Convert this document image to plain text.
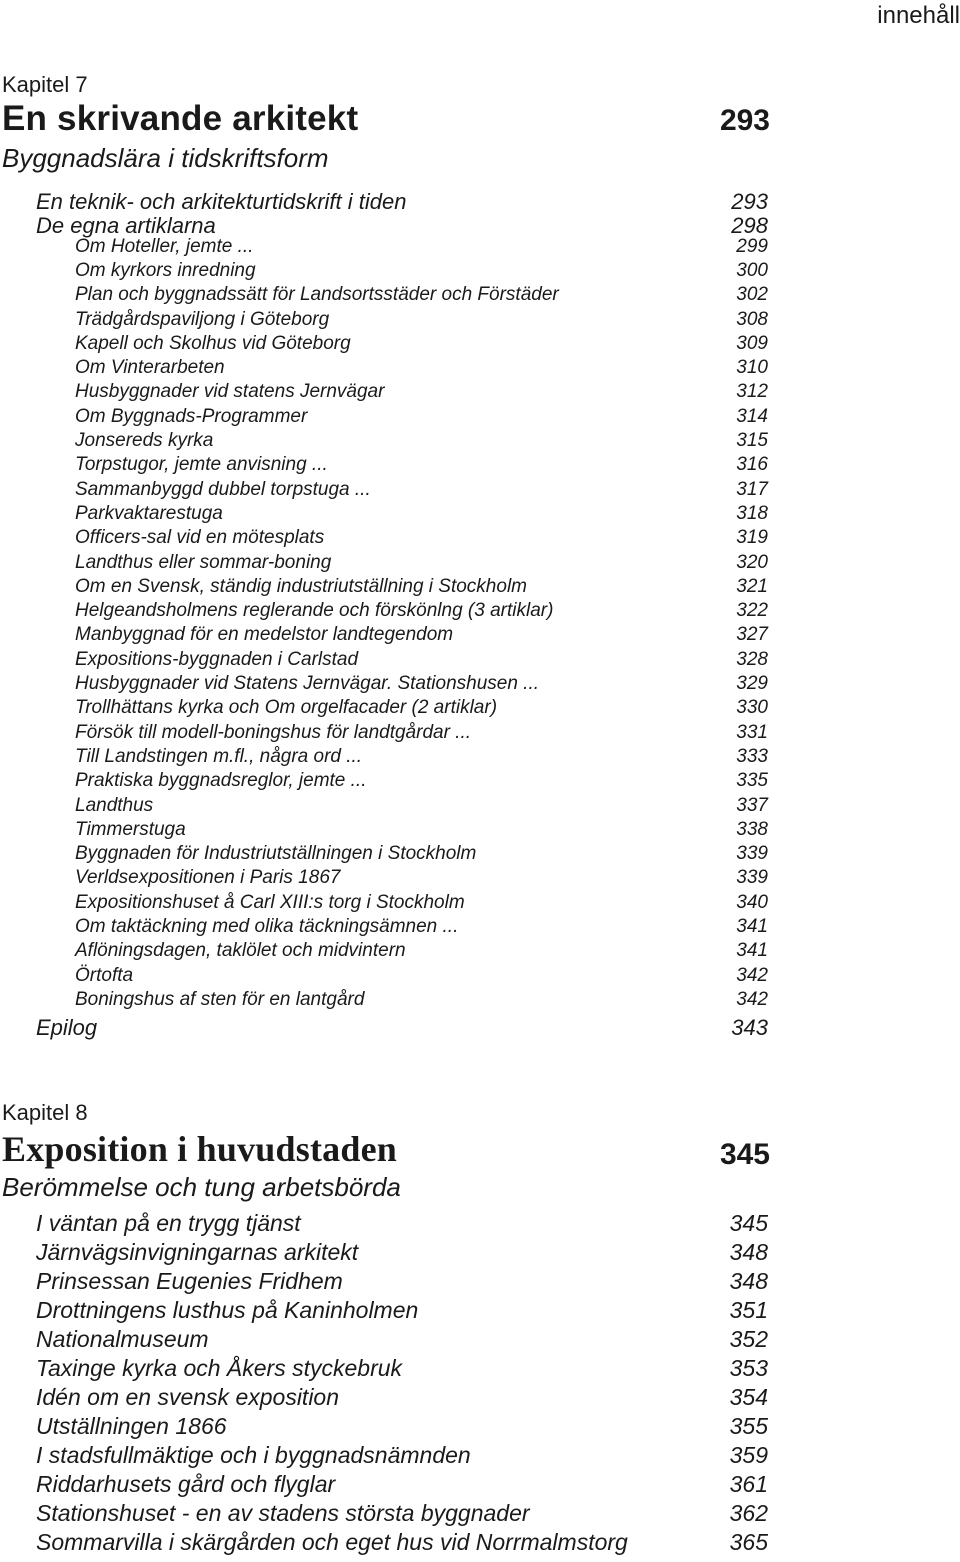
innehåll
Kapitel 7
En skrivande arkitekt	293
Byggnadslära i tidskriftsform
En teknik- och arkitekturtidskrift i tiden	293
De egna artiklarna	298
Om Hoteller, jemte ...	299
Om kyrkors inredning	300
Plan och byggnadssätt för Landsortsstäder och Förstäder	302
Trädgårdspaviljong i Göteborg	308
Kapell och Skolhus vid Göteborg	309
Om Vinterarbeten	310
Husbyggnader vid statens Jernvägar	312
Om Byggnads-Programmer	314
Jonsereds kyrka	315
Torpstugor, jemte anvisning ...	316
Sammanbyggd dubbel torpstuga ...	317
Parkvaktarestuga	318
Officers-sal vid en mötesplats	319
Landthus eller sommar-boning	320
Om en Svensk, ständig industriutställning i Stockholm	321
Helgeandsholmens reglerande och förskönlng (3 artiklar)	322
Manbyggnad för en medelstor landtegendom	327
Expositions-byggnaden i Carlstad	328
Husbyggnader vid Statens Jernvägar. Stationshusen ...	329
Trollhättans kyrka och Om orgelfacader (2 artiklar)	330
Försök till modell-boningshus för landtgårdar ...	331
Till Landstingen m.fl., några ord ...	333
Praktiska byggnadsreglor, jemte ...	335
Landthus	337
Timmerstuga	338
Byggnaden för Industriutställningen i Stockholm	339
Verldsexpositionen i Paris 1867	339
Expositionshuset å Carl XIII:s torg i Stockholm	340
Om taktäckning med olika täckningsämnen ...	341
Aflöningsdagen, taklölet och midvintern	341
Örtofta	342
Boningshus af sten för en lantgård	342
Epilog	343
Kapitel 8
Exposition i huvudstaden	345
Berömmelse och tung arbetsbörda
I väntan på en trygg tjänst	345
Järnvägsinvigningarnas arkitekt	348
Prinsessan Eugenies Fridhem	348
Drottningens lusthus på Kaninholmen	351
Nationalmuseum	352
Taxinge kyrka och Åkers styckebruk	353
Idén om en svensk exposition	354
Utställningen 1866	355
I stadsfullmäktige och i byggnadsnämnden	359
Riddarhusets gård och flyglar	361
Stationshuset - en av stadens största byggnader	362
Sommarvilla i skärgården och eget hus vid Norrmalmstorg	365
